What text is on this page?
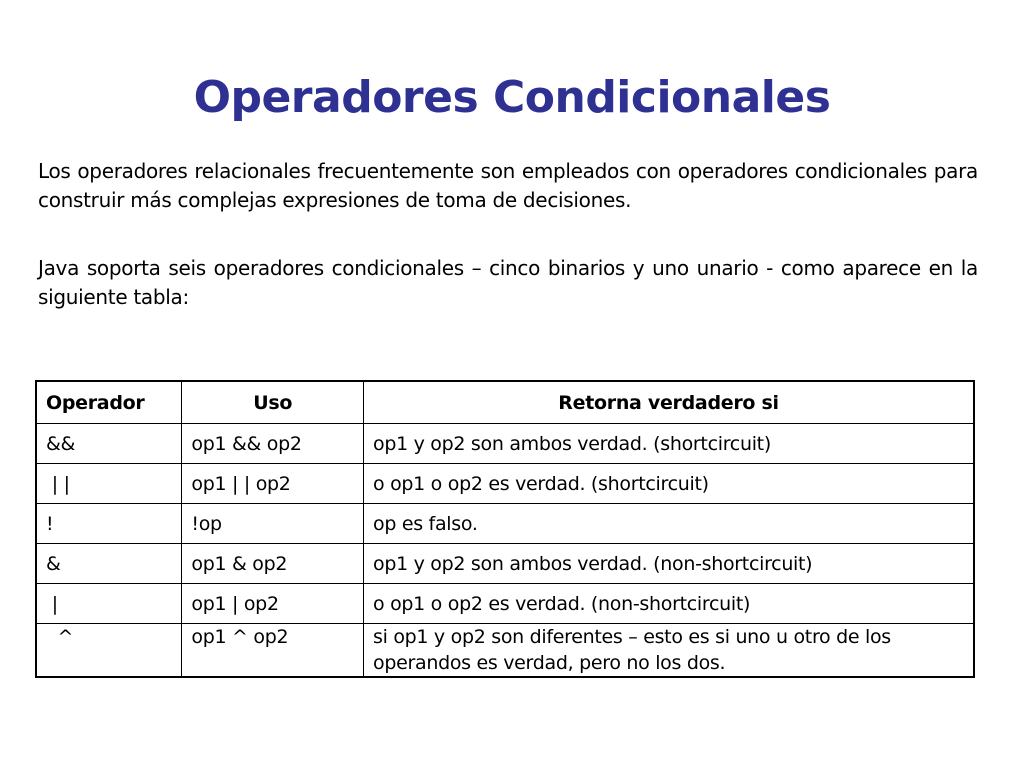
Operadores Condicionales

Los operadores relacionales frecuentemente son empleados con operadores condicionales para construir más complejas expresiones de toma de decisiones.

Java soporta seis operadores condicionales – cinco binarios y uno unario - como aparece en la siguiente tabla:

Operador	Uso	Retorna verdadero si
&&	op1 && op2	op1 y op2 son ambos verdad. (shortcircuit)
| |	op1 | | op2	o op1 o op2 es verdad. (shortcircuit)
!	!op	op es falso.
&	op1 & op2	op1 y op2 son ambos verdad. (non-shortcircuit)
|	op1 | op2	o op1 o op2 es verdad. (non-shortcircuit)
^	op1 ^ op2	si op1 y op2 son diferentes – esto es si uno u otro de los operandos es verdad, pero no los dos.
